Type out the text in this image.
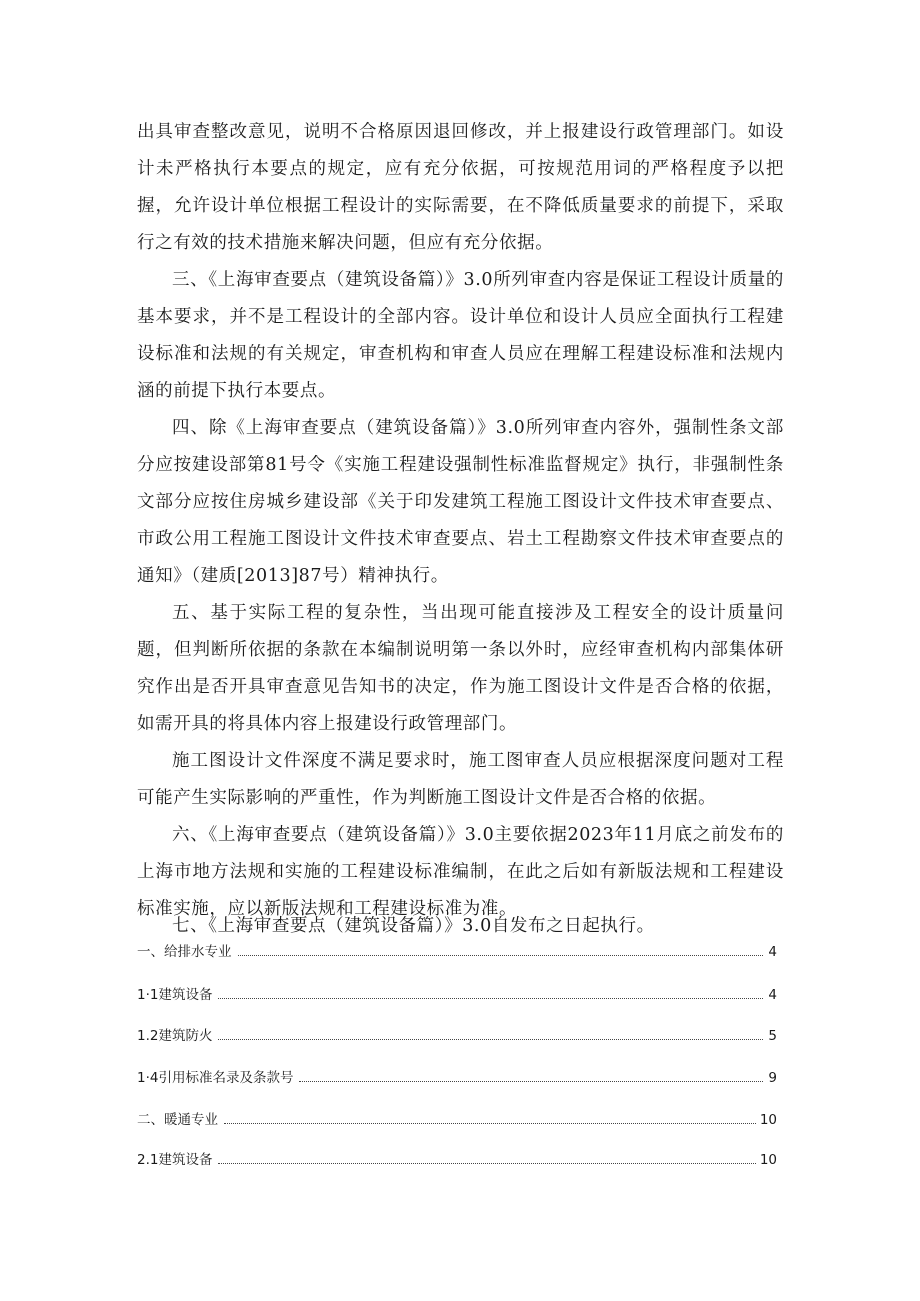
出具审查整改意见，说明不合格原因退回修改，并上报建设行政管理部门。如设计未严格执行本要点的规定，应有充分依据，可按规范用词的严格程度予以把握，允许设计单位根据工程设计的实际需要，在不降低质量要求的前提下，采取行之有效的技术措施来解决问题，但应有充分依据。

三、《上海审查要点（建筑设备篇）》3.0所列审查内容是保证工程设计质量的基本要求，并不是工程设计的全部内容。设计单位和设计人员应全面执行工程建设标准和法规的有关规定，审查机构和审查人员应在理解工程建设标准和法规内涵的前提下执行本要点。

四、除《上海审查要点（建筑设备篇）》3.0所列审查内容外，强制性条文部分应按建设部第81号令《实施工程建设强制性标准监督规定》执行，非强制性条文部分应按住房城乡建设部《关于印发建筑工程施工图设计文件技术审查要点、市政公用工程施工图设计文件技术审查要点、岩土工程勘察文件技术审查要点的通知》（建质[2013]87号）精神执行。

五、基于实际工程的复杂性，当出现可能直接涉及工程安全的设计质量问题，但判断所依据的条款在本编制说明第一条以外时，应经审查机构内部集体研究作出是否开具审查意见告知书的决定，作为施工图设计文件是否合格的依据，如需开具的将具体内容上报建设行政管理部门。

施工图设计文件深度不满足要求时，施工图审查人员应根据深度问题对工程可能产生实际影响的严重性，作为判断施工图设计文件是否合格的依据。

六、《上海审查要点（建筑设备篇）》3.0主要依据2023年11月底之前发布的上海市地方法规和实施的工程建设标准编制，在此之后如有新版法规和工程建设标准实施，应以新版法规和工程建设标准为准。

七、《上海审查要点（建筑设备篇）》3.0自发布之日起执行。

一、给排水专业	4
1·1建筑设备	4
1.2建筑防火	5
1·4引用标准名录及条款号	9
二、暖通专业	10
2.1建筑设备	10
